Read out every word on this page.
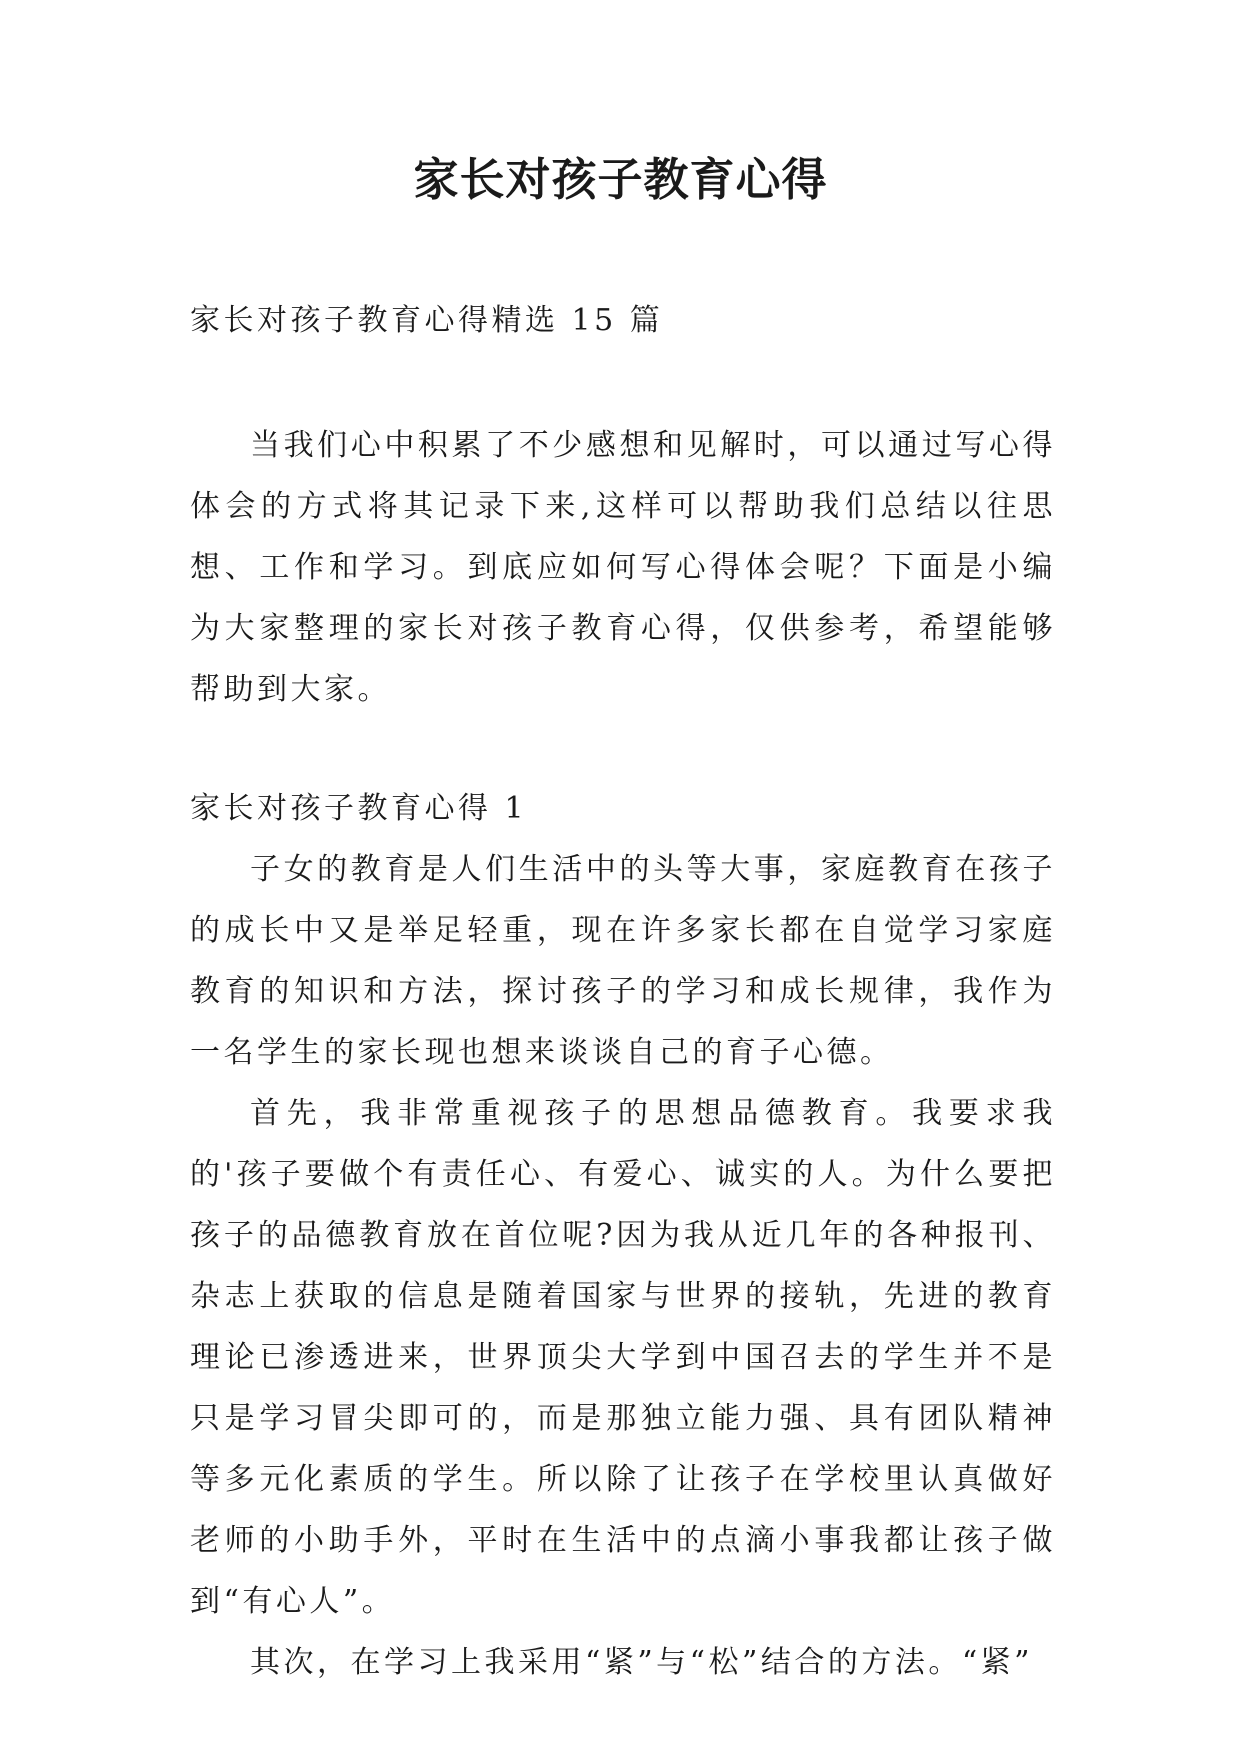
家长对孩子教育心得

家长对孩子教育心得精选 15 篇

当我们心中积累了不少感想和见解时，可以通过写心得体会的方式将其记录下来,这样可以帮助我们总结以往思想、工作和学习。到底应如何写心得体会呢？下面是小编为大家整理的家长对孩子教育心得，仅供参考，希望能够帮助到大家。

家长对孩子教育心得 1

子女的教育是人们生活中的头等大事，家庭教育在孩子的成长中又是举足轻重，现在许多家长都在自觉学习家庭教育的知识和方法，探讨孩子的学习和成长规律，我作为一名学生的家长现也想来谈谈自己的育子心德。

首先，我非常重视孩子的思想品德教育。我要求我的'孩子要做个有责任心、有爱心、诚实的人。为什么要把孩子的品德教育放在首位呢?因为我从近几年的各种报刊、杂志上获取的信息是随着国家与世界的接轨，先进的教育理论已渗透进来，世界顶尖大学到中国召去的学生并不是只是学习冒尖即可的，而是那独立能力强、具有团队精神等多元化素质的学生。所以除了让孩子在学校里认真做好老师的小助手外，平时在生活中的点滴小事我都让孩子做到“有心人”。

其次，在学习上我采用“紧”与“松”结合的方法。“紧”
